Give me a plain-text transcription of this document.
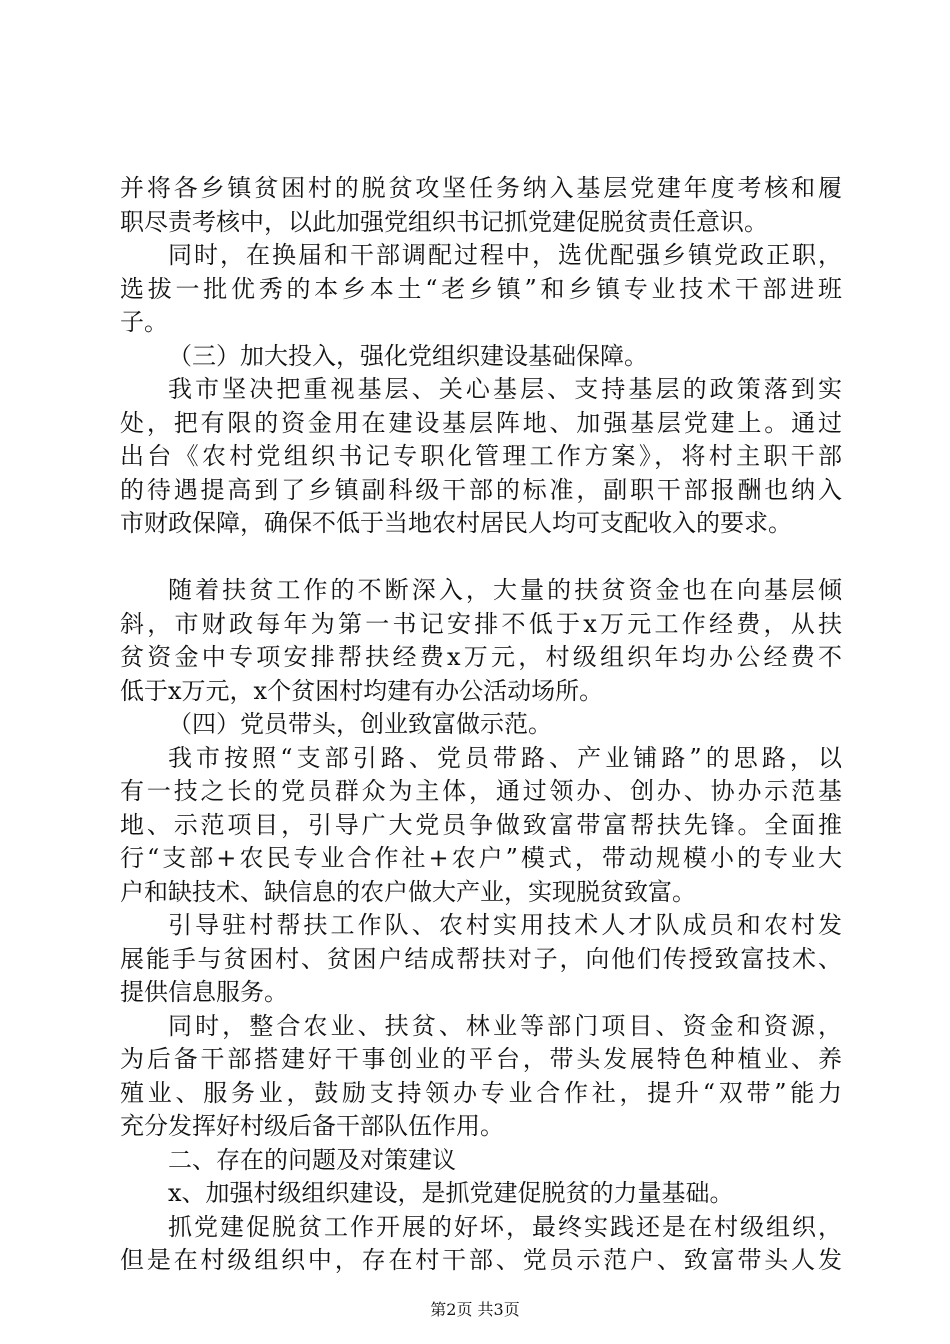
并将各乡镇贫困村的脱贫攻坚任务纳入基层党建年度考核和履
职尽责考核中，以此加强党组织书记抓党建促脱贫责任意识。
同时，在换届和干部调配过程中，选优配强乡镇党政正职，
选拔一批优秀的本乡本土“老乡镇”和乡镇专业技术干部进班
子。
（三）加大投入，强化党组织建设基础保障。
我市坚决把重视基层、关心基层、支持基层的政策落到实
处，把有限的资金用在建设基层阵地、加强基层党建上。通过
出台《农村党组织书记专职化管理工作方案》，将村主职干部
的待遇提高到了乡镇副科级干部的标准，副职干部报酬也纳入
市财政保障，确保不低于当地农村居民人均可支配收入的要求。
随着扶贫工作的不断深入，大量的扶贫资金也在向基层倾
斜，市财政每年为第一书记安排不低于x万元工作经费，从扶
贫资金中专项安排帮扶经费x万元，村级组织年均办公经费不
低于x万元，x个贫困村均建有办公活动场所。
（四）党员带头，创业致富做示范。
我市按照“支部引路、党员带路、产业铺路”的思路，以
有一技之长的党员群众为主体，通过领办、创办、协办示范基
地、示范项目，引导广大党员争做致富带富帮扶先锋。全面推
行“支部+农民专业合作社+农户”模式，带动规模小的专业大
户和缺技术、缺信息的农户做大产业，实现脱贫致富。
引导驻村帮扶工作队、农村实用技术人才队成员和农村发
展能手与贫困村、贫困户结成帮扶对子，向他们传授致富技术、
提供信息服务。
同时，整合农业、扶贫、林业等部门项目、资金和资源，
为后备干部搭建好干事创业的平台，带头发展特色种植业、养
殖业、服务业，鼓励支持领办专业合作社，提升“双带”能力
充分发挥好村级后备干部队伍作用。
二、存在的问题及对策建议
x、加强村级组织建设，是抓党建促脱贫的力量基础。
抓党建促脱贫工作开展的好坏，最终实践还是在村级组织，
但是在村级组织中，存在村干部、党员示范户、致富带头人发
第2页 共3页
